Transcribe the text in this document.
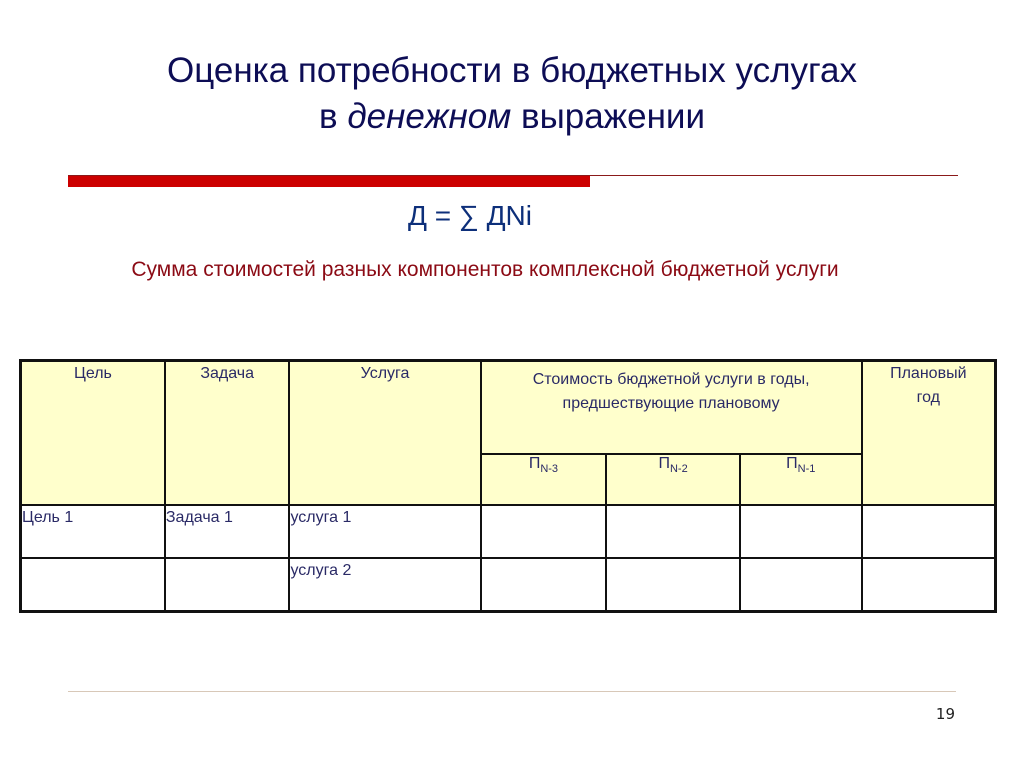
Оценка потребности в бюджетных услугах
в денежном выражении
Д = ∑ ДNi
Сумма стоимостей разных компонентов комплексной бюджетной услуги
Цель	Задача	Услуга	Стоимость бюджетной услуги в годы, предшествующие плановому			Плановый год
			$П_{N-3}$	$П_{N-2}$	$П_{N-1}$
Цель 1	Задача 1	услуга 1				
		услуга 2				
19
